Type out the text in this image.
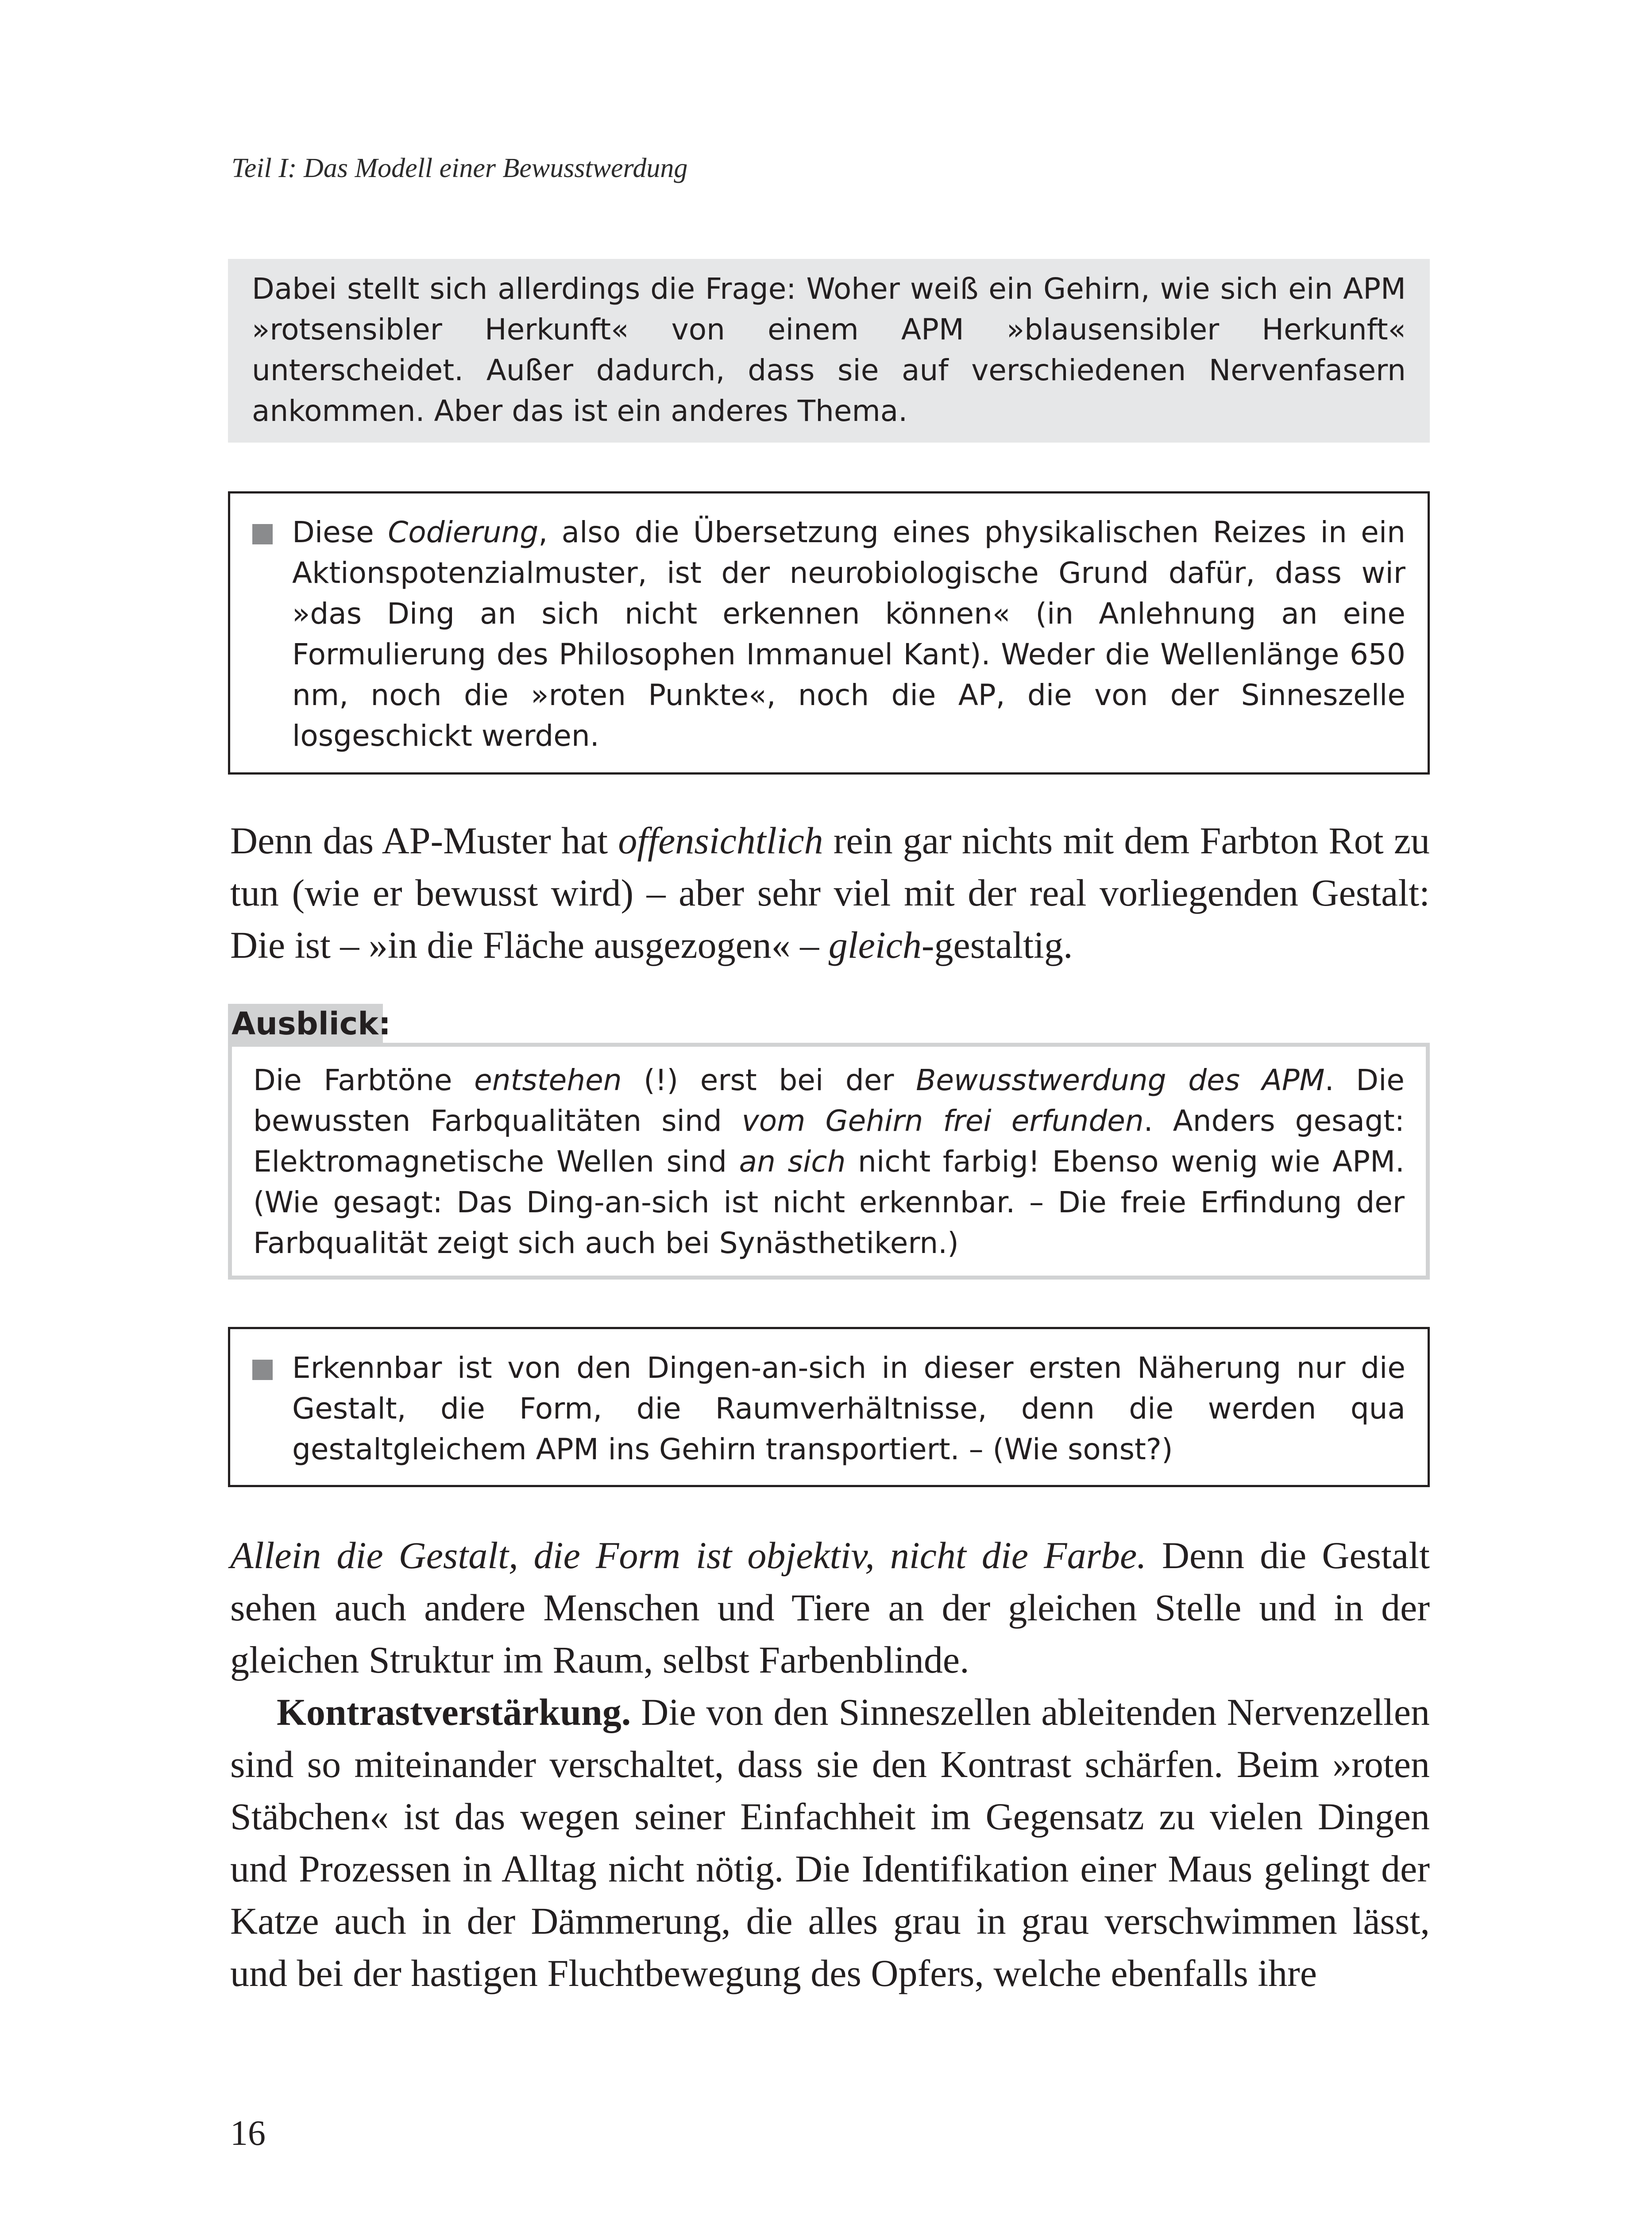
Teil I: Das Modell einer Bewusstwerdung

Dabei stellt sich allerdings die Frage: Woher weiß ein Gehirn, wie sich ein APM »rotsensibler Herkunft« von einem APM »blausensibler Herkunft« unterscheidet. Außer dadurch, dass sie auf verschiedenen Nervenfasern ankommen. Aber das ist ein anderes Thema.

Diese Codierung, also die Übersetzung eines physikalischen Reizes in ein Aktionspotenzialmuster, ist der neurobiologische Grund dafür, dass wir »das Ding an sich nicht erkennen können« (in Anlehnung an eine Formulierung des Philosophen Immanuel Kant). Weder die Wellenlänge 650 nm, noch die »roten Punkte«, noch die AP, die von der Sinneszelle losgeschickt werden.
Denn das AP-Muster hat offensichtlich rein gar nichts mit dem Farbton Rot zu tun (wie er bewusst wird) – aber sehr viel mit der real vorliegenden Gestalt: Die ist – »in die Fläche ausgezogen« – gleich-gestaltig.
Ausblick:

Die Farbtöne entstehen (!) erst bei der Bewusstwerdung des APM. Die bewussten Farbqualitäten sind vom Gehirn frei erfunden. Anders gesagt: Elektromagnetische Wellen sind an sich nicht farbig! Ebenso wenig wie APM. (Wie gesagt: Das Ding-an-sich ist nicht erkennbar. – Die freie Erfindung der Farbqualität zeigt sich auch bei Synästhetikern.)

Erkennbar ist von den Dingen-an-sich in dieser ersten Näherung nur die Gestalt, die Form, die Raumverhältnisse, denn die werden qua gestaltgleichem APM ins Gehirn transportiert. – (Wie sonst?)

Allein die Gestalt, die Form ist objektiv, nicht die Farbe. Denn die Gestalt sehen auch andere Menschen und Tiere an der gleichen Stelle und in der gleichen Struktur im Raum, selbst Farbenblinde.

Kontrastverstärkung. Die von den Sinneszellen ableitenden Nervenzellen sind so miteinander verschaltet, dass sie den Kontrast schärfen. Beim »roten Stäbchen« ist das wegen seiner Einfachheit im Gegensatz zu vielen Dingen und Prozessen in Alltag nicht nötig. Die Identifikation einer Maus gelingt der Katze auch in der Dämmerung, die alles grau in grau verschwimmen lässt, und bei der hastigen Fluchtbewegung des Opfers, welche ebenfalls ihre

16
